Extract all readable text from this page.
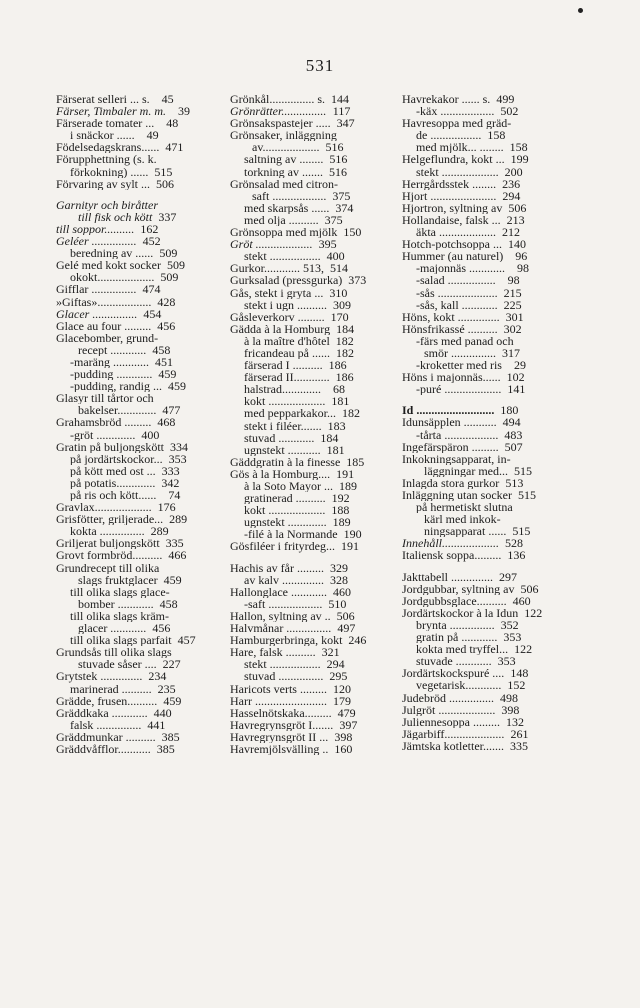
531
Färserat selleri ... s.	45
Färser, Timbaler m. m.	39
Färserade tomater ...	48
i snäckor ......	49
Födelsedagskrans...... 471
Förupphettning (s. k.
förkokning) ...... 515
Förvaring av sylt ... 506
Garnityr och biråtter
till fisk och kött 337
till soppor.......... 162
Geléer ............... 452
beredning av ...... 509
Gelé med kokt socker 509
okokt................... 509
Gifflar ............... 474
»Giftas».................. 428
Glacer ............... 454
Glace au four ......... 456
Glacebomber, grund-
recept ............ 458
-maräng ............ 451
-pudding ............ 459
-pudding, randig ... 459
Glasyr till tårtor och
bakelser............. 477
Grahamsbröd ......... 468
-gröt ............. 400
Gratin på buljongskött 334
på jordärtskockor... 353
på kött med ost ... 333
på potatis............. 342
på ris och kött......	74
Gravlax................... 176
Grisfötter, griljerade... 289
kokta ............... 289
Griljerat buljongskött 335
Grovt formbröd.......... 466
Grundrecept till olika
slags fruktglacer 459
till olika slags glace-
bomber ............ 458
till olika slags kräm-
glacer ............ 456
till olika slags parfait 457
Grundsås till olika slags
stuvade såser .... 227
Grytstek .............. 234
marinerad .......... 235
Grädde, frusen.......... 459
Gräddkaka ............ 440
falsk ............... 441
Gräddmunkar .......... 385
Gräddvåfflor........... 385
Grönkål............... s. 144
Grönrätter............... 117
Grönsakspastejer ..... 347
Grönsaker, inläggning
av................... 516
saltning av ........ 516
torkning av ....... 516
Grönsalad med citron-
saft .................. 375
med skarpsås ...... 374
med olja .......... 375
Grönsoppa med mjölk 150
Gröt ................... 395
stekt ................. 400
Gurkor............ 513, 514
Gurksalad (pressgurka) 373
Gås, stekt i gryta ... 310
stekt i ugn .......... 309
Gåsleverkorv ......... 170
Gädda à la Homburg 184
à la maître d'hôtel 182
fricandeau på ...... 182
färserad I .......... 186
färserad II............ 186
halstrad.............	68
kokt ................... 181
med pepparkakor... 182
stekt i filéer....... 183
stuvad ............ 184
ugnstekt ........... 181
Gäddgratin à la finesse 185
Gös à la Homburg.... 191
à la Soto Mayor ... 189
gratinerad .......... 192
kokt ................... 188
ugnstekt ............. 189
-filé à la Normande 190
Gösfiléer i frityrdeg... 191
Hachis av får ......... 329
av kalv .............. 328
Hallonglace ............ 460
-saft .................. 510
Hallon, syltning av .. 506
Halvmånar ............... 497
Hamburgerbringa, kokt 246
Hare, falsk .......... 321
stekt ................. 294
stuvad ............... 295
Haricots verts ......... 120
Harr ........................ 179
Hasselnötskaka......... 479
Havregrynsgröt I....... 397
Havregrynsgröt II ... 398
Havremjölsvälling .. 160
Havrekakor ...... s. 499
-käx .................. 502
Havresoppa med gräd-
de ................. 158
med mjölk... ........ 158
Helgeflundra, kokt ... 199
stekt ................... 200
Herrgårdsstek ........ 236
Hjort ...................... 294
Hjortron, syltning av 506
Hollandaise, falsk ... 213
äkta ................... 212
Hotch-potchsoppa ... 140
Hummer (au naturel)	96
-majonnäs ............	98
-salad ................	98
-sås .................... 215
-sås, kall ............ 225
Höns, kokt .............. 301
Hönsfrikassé .......... 302
-färs med panad och
smör ............... 317
-kroketter med ris	29
Höns i majonnäs...... 102
-puré ................... 141
Id .......................... 180
Idunsäpplen ........... 494
-tårta .................. 483
Ingefärspäron ......... 507
Inkokningsapparat, in-
läggningar med... 515
Inlagda stora gurkor 513
Inläggning utan socker 515
på hermetiskt slutna
kärl med inkok-
ningsapparat ...... 515
Innehåll................... 528
Italiensk soppa......... 136
Jakttabell .............. 297
Jordgubbar, syltning av 506
Jordgubbsglace.......... 460
Jordärtskockor à la Idun 122
brynta ............... 352
gratin på ............ 353
kokta med tryffel... 122
stuvade ............ 353
Jordärtskockspuré .... 148
vegetarisk............ 152
Judebröd ............... 498
Julgröt ................... 398
Juliennesoppa ......... 132
Jägarbiff.................... 261
Jämtska kotletter....... 335
